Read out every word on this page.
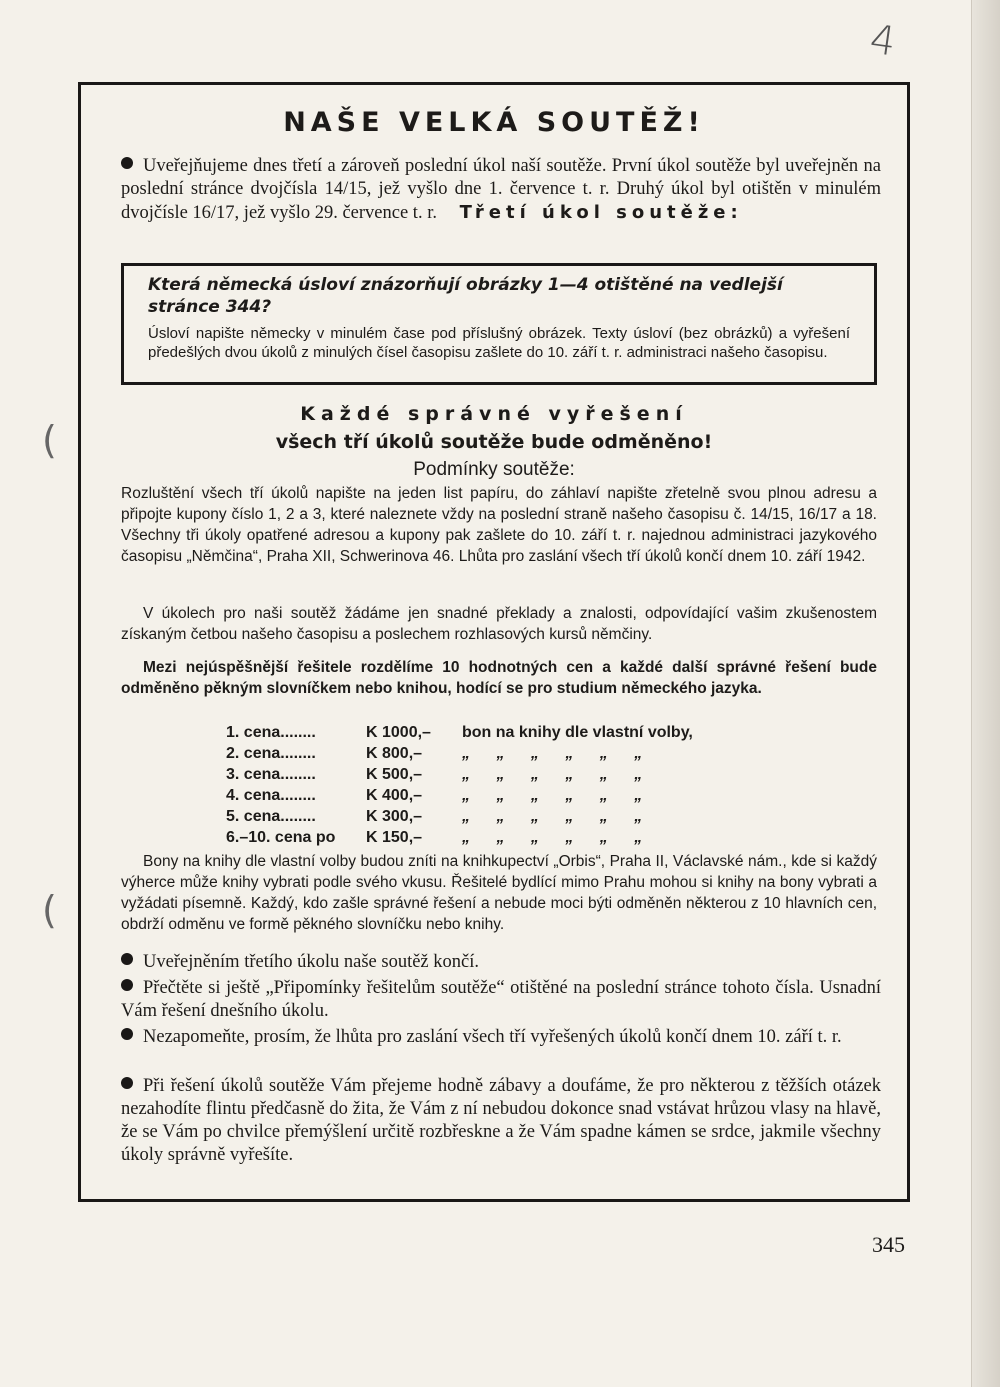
4
(
(
NAŠE VELKÁ SOUTĚŽ!
Uveřejňujeme dnes třetí a zároveň poslední úkol naší soutěže. První úkol soutěže byl uveřejněn na poslední stránce dvojčísla 14/15, jež vyšlo dne 1. července t. r. Druhý úkol byl otištěn v minulém dvojčísle 16/17, jež vyšlo 29. července t. r. Třetí úkol soutěže:
Která německá úsloví znázorňují obrázky 1—4 otištěné na vedlejší stránce 344?
Úsloví napište německy v minulém čase pod příslušný obrázek. Texty úsloví (bez obrázků) a vyřešení předešlých dvou úkolů z minulých čísel časopisu zašlete do 10. září t. r. administraci našeho časopisu.
Každé správné vyřešení
všech tří úkolů soutěže bude odměněno!
Podmínky soutěže:
Rozluštění všech tří úkolů napište na jeden list papíru, do záhlaví napište zřetelně svou plnou adresu a připojte kupony číslo 1, 2 a 3, které naleznete vždy na poslední straně našeho časopisu č. 14/15, 16/17 a 18. Všechny tři úkoly opatřené adresou a kupony pak zašlete do 10. září t. r. najednou administraci jazykového časopisu „Němčina“, Praha XII, Schwerinova 46. Lhůta pro zaslání všech tří úkolů končí dnem 10. září 1942.
V úkolech pro naši soutěž žádáme jen snadné překlady a znalosti, odpovídající vašim zkušenostem získaným četbou našeho časopisu a poslechem rozhlasových kursů němčiny.
Mezi nejúspěšnější řešitele rozdělíme 10 hodnotných cen a každé další správné řešení bude odměněno pěkným slovníčkem nebo knihou, hodící se pro studium německého jazyka.
1. cena........	K 1000,–	bon na knihy dle vlastní volby,
2. cena........	K 800,–	„ „ „ „ „ „
3. cena........	K 500,–	„ „ „ „ „ „
4. cena........	K 400,–	„ „ „ „ „ „
5. cena........	K 300,–	„ „ „ „ „ „
6.–10. cena po	K 150,–	„ „ „ „ „ „
Bony na knihy dle vlastní volby budou zníti na knihkupectví „Orbis“, Praha II, Václavské nám., kde si každý výherce může knihy vybrati podle svého vkusu. Řešitelé bydlící mimo Prahu mohou si knihy na bony vybrati a vyžádati písemně. Každý, kdo zašle správné řešení a nebude moci býti odměněn některou z 10 hlavních cen, obdrží odměnu ve formě pěkného slovníčku nebo knihy.
Uveřejněním třetího úkolu naše soutěž končí.
Přečtěte si ještě „Připomínky řešitelům soutěže“ otištěné na poslední stránce tohoto čísla. Usnadní Vám řešení dnešního úkolu.
Nezapomeňte, prosím, že lhůta pro zaslání všech tří vyřešených úkolů končí dnem 10. září t. r.
Při řešení úkolů soutěže Vám přejeme hodně zábavy a doufáme, že pro některou z těžších otázek nezahodíte flintu předčasně do žita, že Vám z ní nebudou dokonce snad vstávat hrůzou vlasy na hlavě, že se Vám po chvilce přemýšlení určitě rozbřeskne a že Vám spadne kámen se srdce, jakmile všechny úkoly správně vyřešíte.
345
